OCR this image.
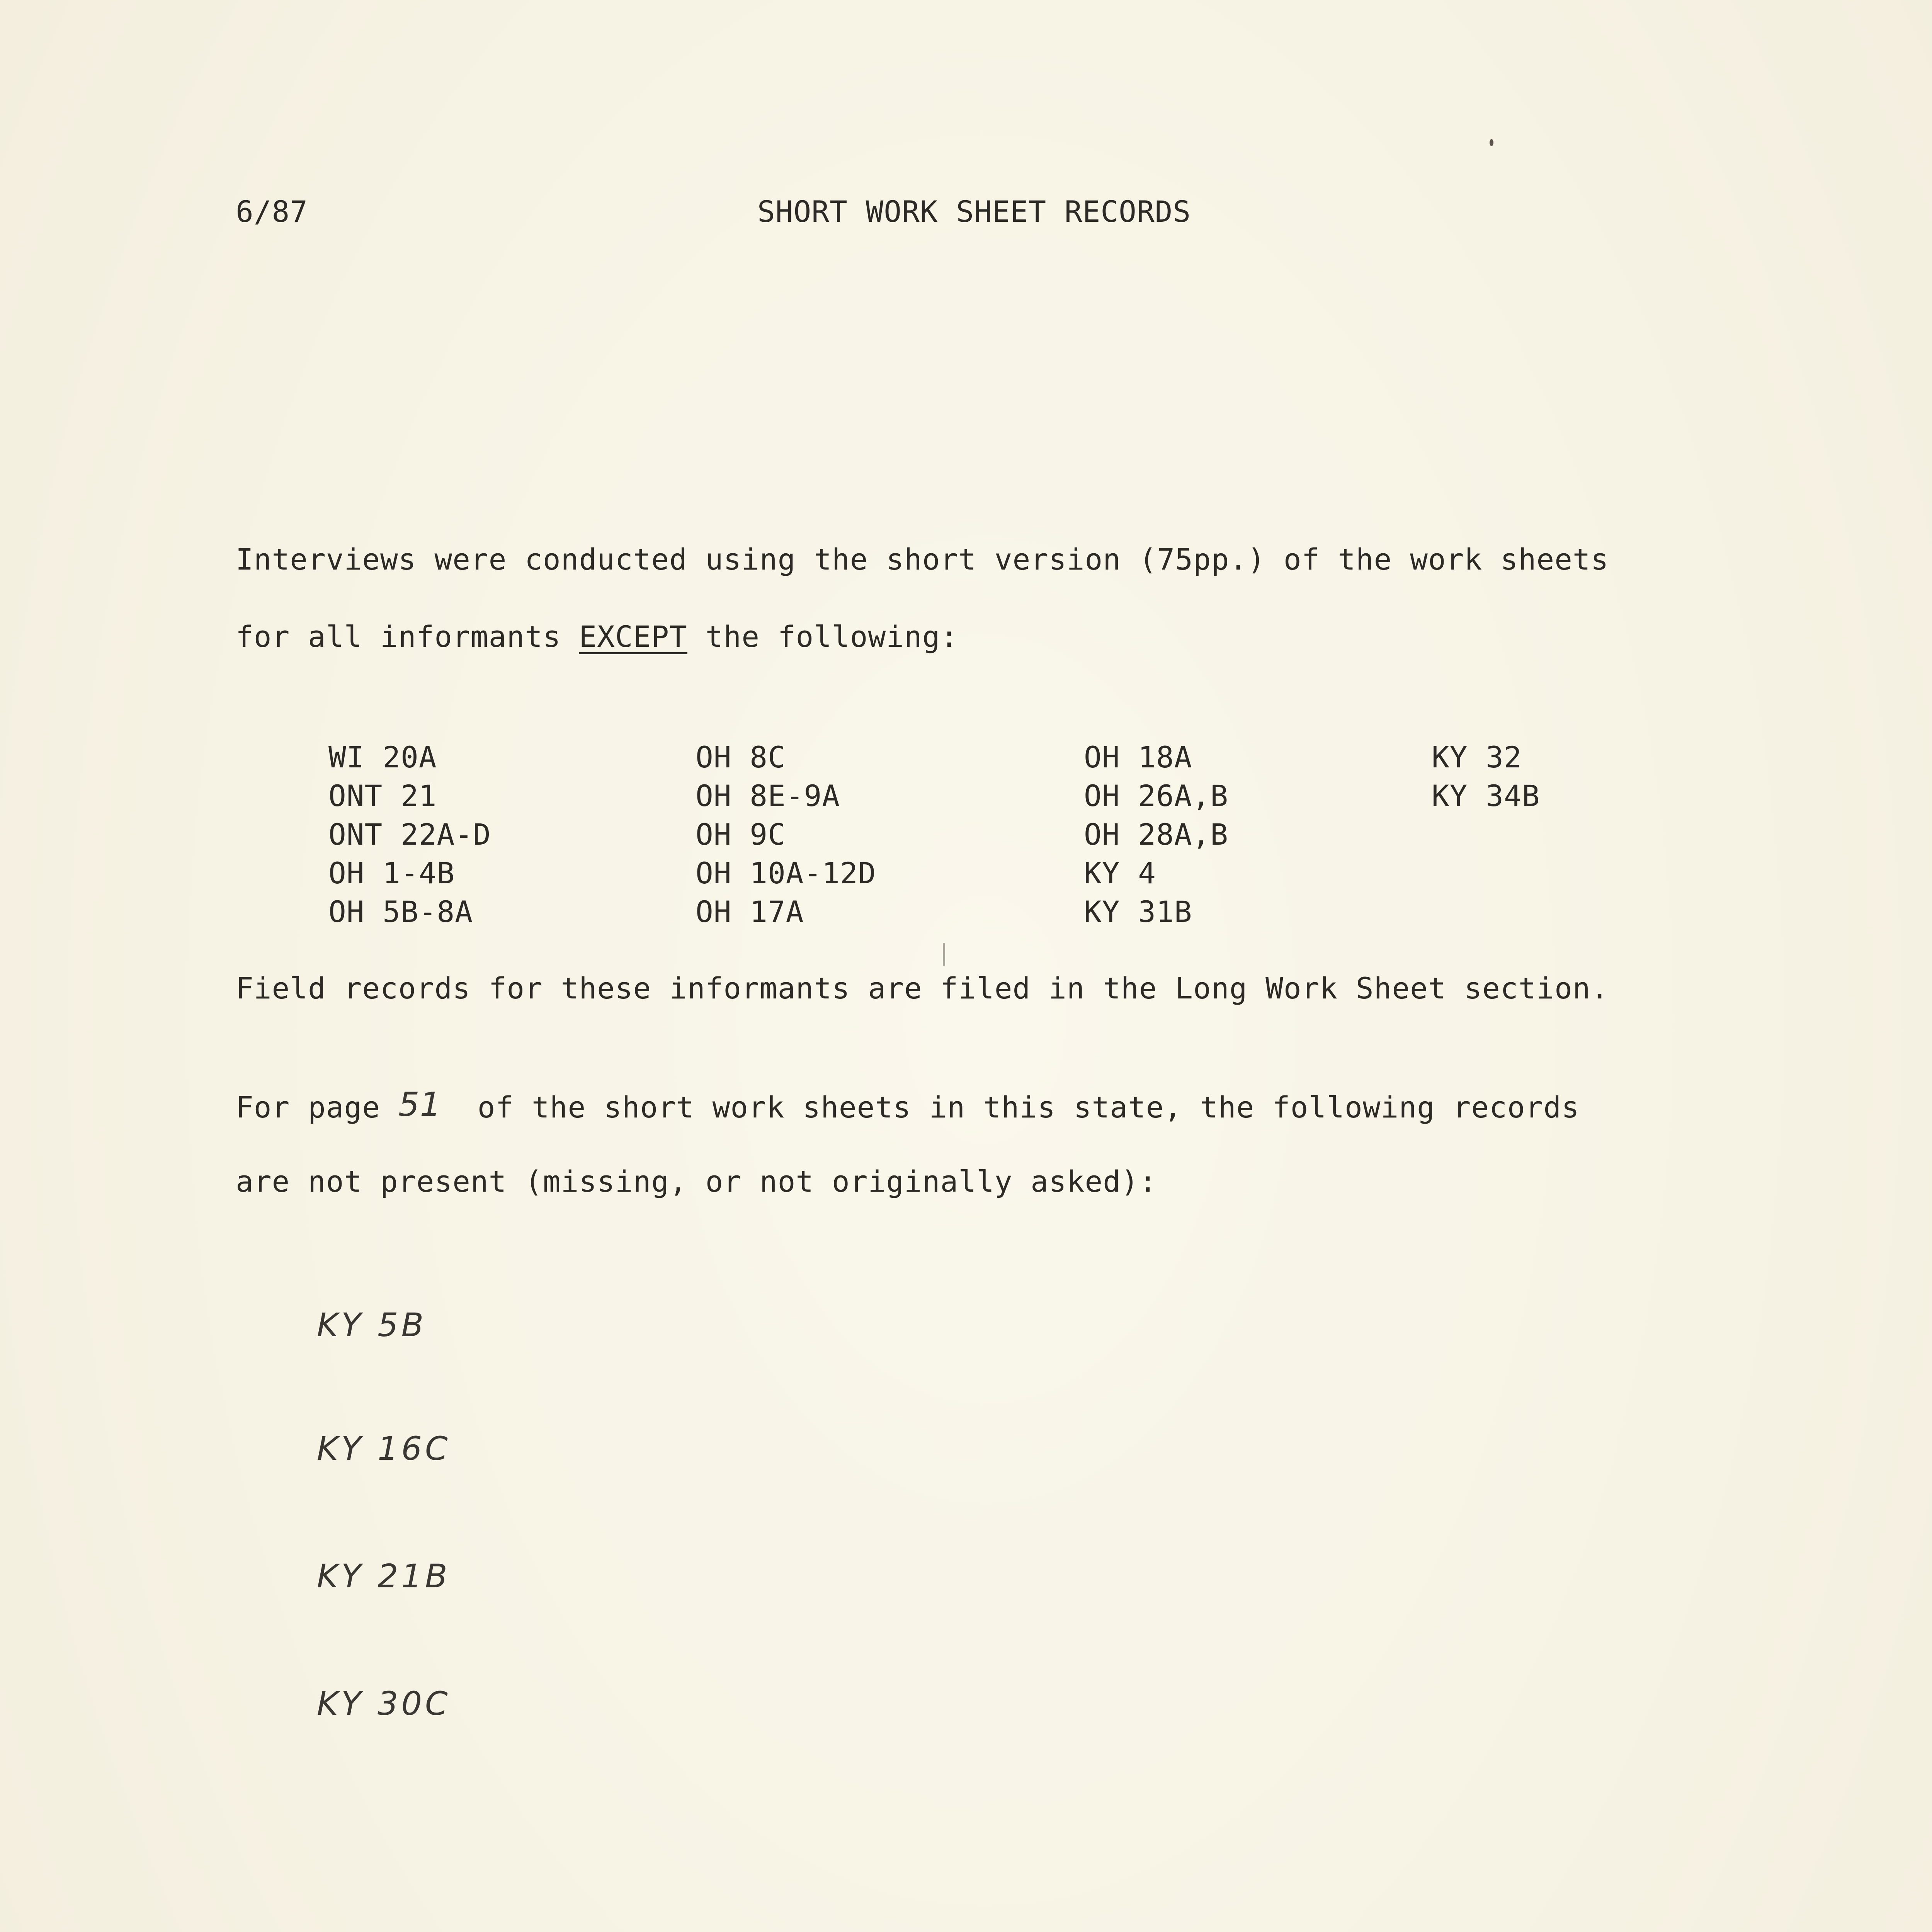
6/87	SHORT WORK SHEET RECORDS
Interviews were conducted using the short version (75pp.) of the work sheets
for all informants EXCEPT the following:
WI 20A
ONT 21
ONT 22A-D
OH 1-4B
OH 5B-8A
OH 8C
OH 8E-9A
OH 9C
OH 10A-12D
OH 17A
OH 18A
OH 26A,B
OH 28A,B
KY 4
KY 31B
KY 32
KY 34B
Field records for these informants are filed in the Long Work Sheet section.
For page 51  of the short work sheets in this state, the following records
are not present (missing, or not originally asked):
KY 5B
KY 16C
KY 21B
KY 30C
